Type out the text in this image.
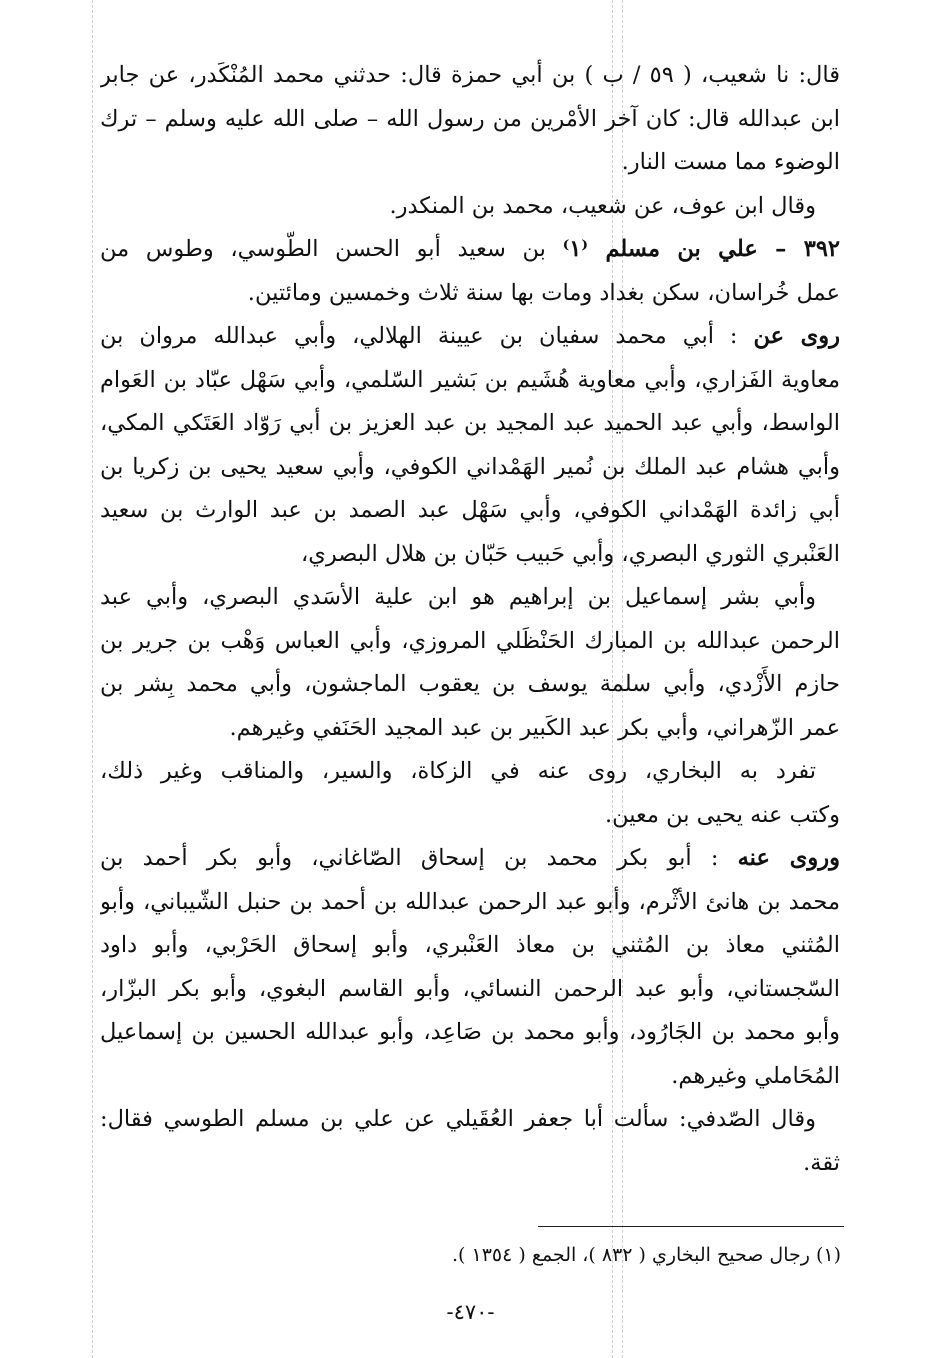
قال: نا شعيب، ( ٥٩ / ب ) بن أبي حمزة قال: حدثني محمد المُنْكَدر، عن جابر
ابن عبدالله قال: كان آخر الأمْرين من رسول الله – صلى الله عليه وسلم – ترك
الوضوء مما مست النار.
وقال ابن عوف، عن شعيب، محمد بن المنكدر.
٣٩٢ – علي بن مسلم ⁽١⁾ بن سعيد أبو الحسن الطّوسي، وطوس من
عمل خُراسان، سكن بغداد ومات بها سنة ثلاث وخمسين ومائتين.
روى عن : أبي محمد سفيان بن عيينة الهلالي، وأبي عبدالله مروان بن
معاوية الفَزاري، وأبي معاوية هُشَيم بن بَشير السّلمي، وأبي سَهْل عبّاد بن العَوام
الواسط، وأبي عبد الحميد عبد المجيد بن عبد العزيز بن أبي رَوّاد العَتَكي المكي،
وأبي هشام عبد الملك بن نُمير الهَمْداني الكوفي، وأبي سعيد يحيى بن زكريا بن
أبي زائدة الهَمْداني الكوفي، وأبي سَهْل عبد الصمد بن عبد الوارث بن سعيد
العَنْبري الثوري البصري، وأبي حَبيب حَبّان بن هلال البصري،
وأبي بشر إسماعيل بن إبراهيم هو ابن علية الأسَدي البصري، وأبي عبد
الرحمن عبدالله بن المبارك الحَنْظَلي المروزي، وأبي العباس وَهْب بن جرير بن
حازم الأَزْدي، وأبي سلمة يوسف بن يعقوب الماجشون، وأبي محمد بِشر بن
عمر الزّهراني، وأبي بكر عبد الكَبير بن عبد المجيد الحَنَفي وغيرهم.
تفرد به البخاري، روى عنه في الزكاة، والسير، والمناقب وغير ذلك،
وكتب عنه يحيى بن معين.
وروى عنه : أبو بكر محمد بن إسحاق الصّاغاني، وأبو بكر أحمد بن
محمد بن هانئ الأثْرم، وأبو عبد الرحمن عبدالله بن أحمد بن حنبل الشّيباني، وأبو
المُثني معاذ بن المُثني بن معاذ العَنْبري، وأبو إسحاق الحَرْبي، وأبو داود
السّجستاني، وأبو عبد الرحمن النسائي، وأبو القاسم البغوي، وأبو بكر البزّار،
وأبو محمد بن الجَارُود، وأبو محمد بن صَاعِد، وأبو عبدالله الحسين بن إسماعيل
المُحَاملي وغيرهم.
وقال الصّدفي: سألت أبا جعفر العُقَيلي عن علي بن مسلم الطوسي فقال:
ثقة.
(١) رجال صحيح البخاري ( ٨٣٢ )، الجمع ( ١٣٥٤ ).
-٤٧٠-
